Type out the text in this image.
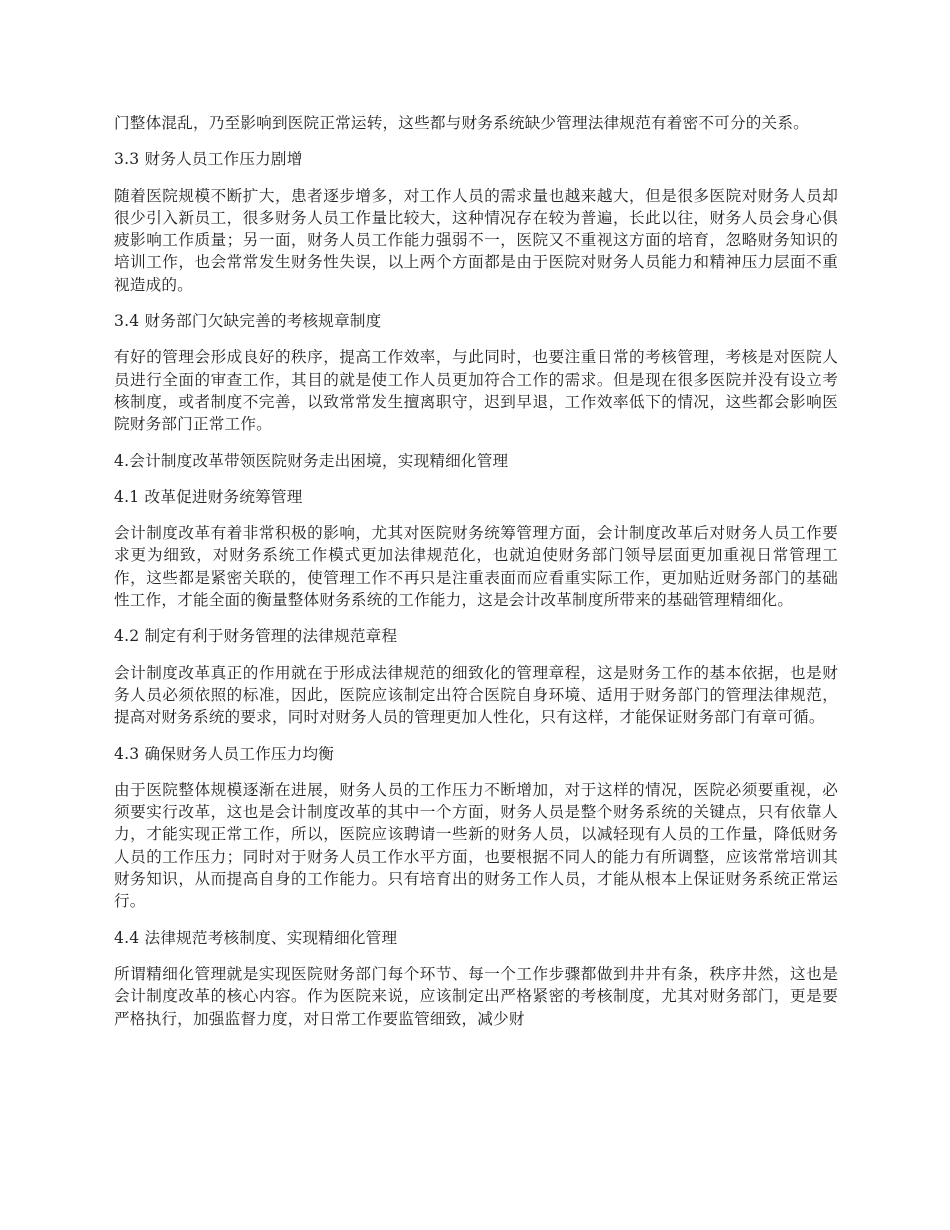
门整体混乱，乃至影响到医院正常运转，这些都与财务系统缺少管理法律规范有着密不可分的关系。

3.3 财务人员工作压力剧增

随着医院规模不断扩大，患者逐步增多，对工作人员的需求量也越来越大，但是很多医院对财务人员却很少引入新员工，很多财务人员工作量比较大，这种情况存在较为普遍，长此以往，财务人员会身心俱疲影响工作质量；另一面，财务人员工作能力强弱不一，医院又不重视这方面的培育，忽略财务知识的培训工作，也会常常发生财务性失误，以上两个方面都是由于医院对财务人员能力和精神压力层面不重视造成的。

3.4 财务部门欠缺完善的考核规章制度

有好的管理会形成良好的秩序，提高工作效率，与此同时，也要注重日常的考核管理，考核是对医院人员进行全面的审查工作，其目的就是使工作人员更加符合工作的需求。但是现在很多医院并没有设立考核制度，或者制度不完善，以致常常发生擅离职守，迟到早退，工作效率低下的情况，这些都会影响医院财务部门正常工作。

4.会计制度改革带领医院财务走出困境，实现精细化管理

4.1 改革促进财务统筹管理

会计制度改革有着非常积极的影响，尤其对医院财务统筹管理方面，会计制度改革后对财务人员工作要求更为细致，对财务系统工作模式更加法律规范化，也就迫使财务部门领导层面更加重视日常管理工作，这些都是紧密关联的，使管理工作不再只是注重表面而应看重实际工作，更加贴近财务部门的基础性工作，才能全面的衡量整体财务系统的工作能力，这是会计改革制度所带来的基础管理精细化。

4.2 制定有利于财务管理的法律规范章程

会计制度改革真正的作用就在于形成法律规范的细致化的管理章程，这是财务工作的基本依据，也是财务人员必须依照的标准，因此，医院应该制定出符合医院自身环境、适用于财务部门的管理法律规范，提高对财务系统的要求，同时对财务人员的管理更加人性化，只有这样，才能保证财务部门有章可循。

4.3 确保财务人员工作压力均衡

由于医院整体规模逐渐在进展，财务人员的工作压力不断增加，对于这样的情况，医院必须要重视，必须要实行改革，这也是会计制度改革的其中一个方面，财务人员是整个财务系统的关键点，只有依靠人力，才能实现正常工作，所以，医院应该聘请一些新的财务人员，以减轻现有人员的工作量，降低财务人员的工作压力；同时对于财务人员工作水平方面，也要根据不同人的能力有所调整，应该常常培训其财务知识，从而提高自身的工作能力。只有培育出的财务工作人员，才能从根本上保证财务系统正常运行。

4.4 法律规范考核制度、实现精细化管理

所谓精细化管理就是实现医院财务部门每个环节、每一个工作步骤都做到井井有条，秩序井然，这也是会计制度改革的核心内容。作为医院来说，应该制定出严格紧密的考核制度，尤其对财务部门，更是要严格执行，加强监督力度，对日常工作要监管细致，减少财
